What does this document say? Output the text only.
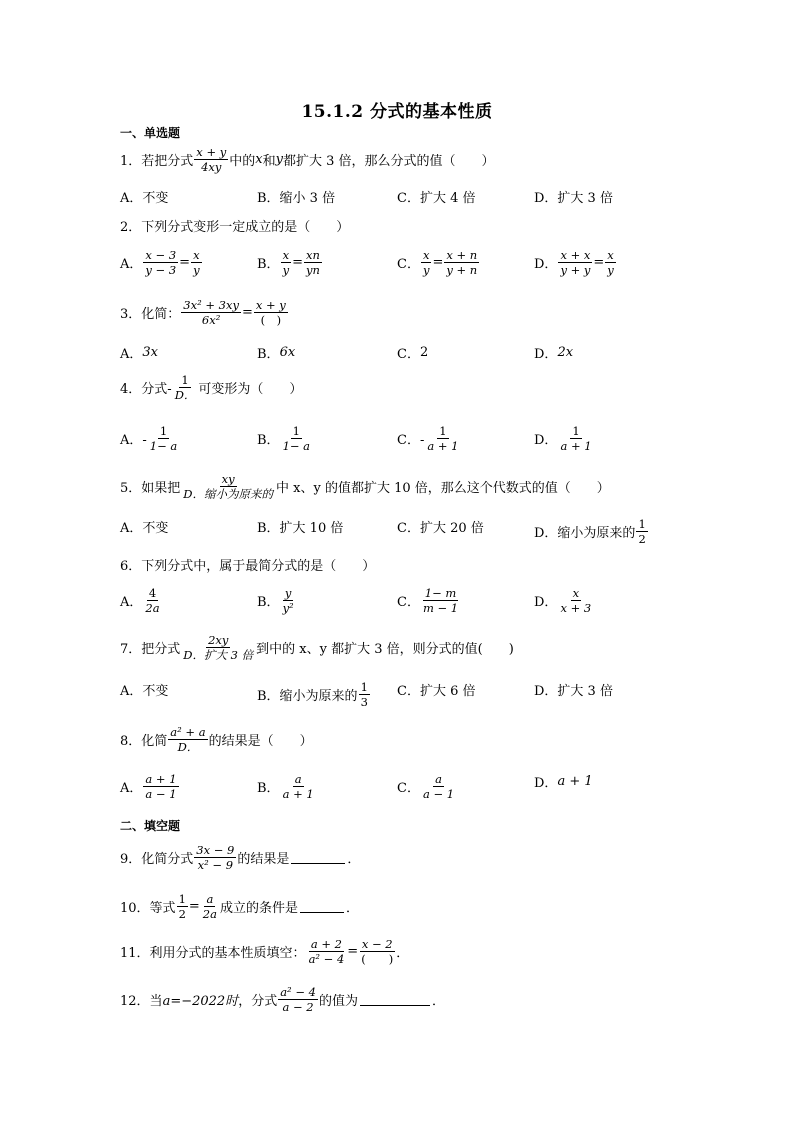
15.1.2 分式的基本性质
一、单选题
1． 若把分式 $\frac{x + y}{4xy}$ 中的 x 和 y 都扩大 3 倍，那么分式的值（　　）
A．不变	B．缩小 3 倍	C．扩大 4 倍	D．扩大 3 倍
2． 下列分式变形一定成立的是（　　）
A． $\frac{x - 3}{y - 3} = \frac{x}{y}$	B． $\frac{x}{y} = \frac{xn}{yn}$	C． $\frac{x}{y} = \frac{x + n}{y + n}$	D． $\frac{x + x}{y + y} = \frac{x}{y}$
3． 化简： $\frac{\text{3x² + 3xy}}{\text{6x²}} = \frac{x + y}{( )}$
A． 3x	B． 6x	C． 2	D． 2x
4． 分式- $\frac{1}{D.}$ 可变形为（　　）
A．- $\frac{1}{1- a}$	B． $\frac{1}{1- a}$	C．- $\frac{1}{a + 1}$	D． $\frac{1}{a + 1}$
5． 如果把 $\frac{xy}{\text{D．缩小为原来的}}$ 中 x、y 的值都扩大 10 倍，那么这个代数式的值（　　）
A．不变	B．扩大 10 倍	C．扩大 20 倍	D．缩小为原来的 $\frac{1}{2}$
6． 下列分式中，属于最简分式的是（　　）
A． $\frac{4}{2a}$	B． $\frac{y}{\text{y²}}$	C． $\frac{1- m}{m - 1}$	D． $\frac{x}{x + 3}$
7． 把分式 $\frac{2xy}{\text{D．扩大 3 倍}}$ 到中的 x、y 都扩大 3 倍，则分式的值(　　)
A．不变	B．缩小为原来的 $\frac{1}{3}$ C．扩大 6 倍	D．扩大 3 倍
8． 化简 $\frac{\text{a² + a}}{D.}$ 的结果是（　　）
A． $\frac{a + 1}{a - 1}$	B． $\frac{a}{a + 1}$	C． $\frac{a}{a - 1}$	D． a + 1
二、填空题
9． 化简分式 $\frac{3x - 9}{\text{x² − 9}}$ 的结果是	．
10． 等式 $\frac{1}{2} = \frac{a}{2a}$ 成立的条件是	．
11． 利用分式的基本性质填空： $\frac{a + 2}{\text{a² − 4}} = \frac{x - 2}{( )}$ ．
12． 当 a=−2022时 ，分式 $\frac{\text{a² − 4}}{a - 2}$ 的值为	．
